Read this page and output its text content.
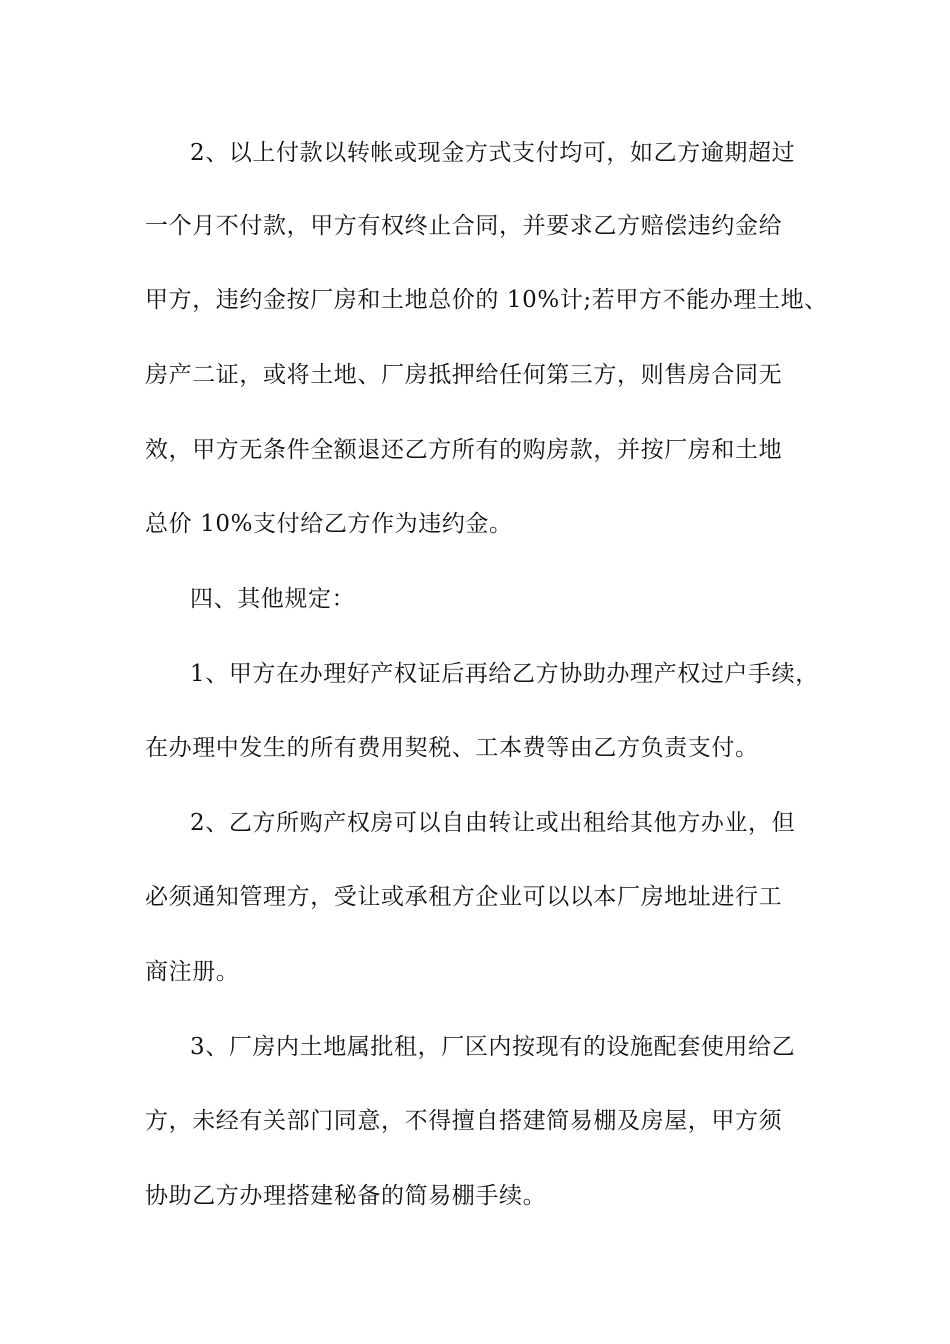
2、以上付款以转帐或现金方式支付均可，如乙方逾期超过
一个月不付款，甲方有权终止合同，并要求乙方赔偿违约金给
甲方，违约金按厂房和土地总价的 10%计;若甲方不能办理土地、
房产二证，或将土地、厂房抵押给任何第三方，则售房合同无
效，甲方无条件全额退还乙方所有的购房款，并按厂房和土地
总价 10%支付给乙方作为违约金。
四、其他规定：
1、甲方在办理好产权证后再给乙方协助办理产权过户手续，
在办理中发生的所有费用契税、工本费等由乙方负责支付。
2、乙方所购产权房可以自由转让或出租给其他方办业，但
必须通知管理方，受让或承租方企业可以以本厂房地址进行工
商注册。
3、厂房内土地属批租，厂区内按现有的设施配套使用给乙
方，未经有关部门同意，不得擅自搭建简易棚及房屋，甲方须
协助乙方办理搭建秘备的简易棚手续。
